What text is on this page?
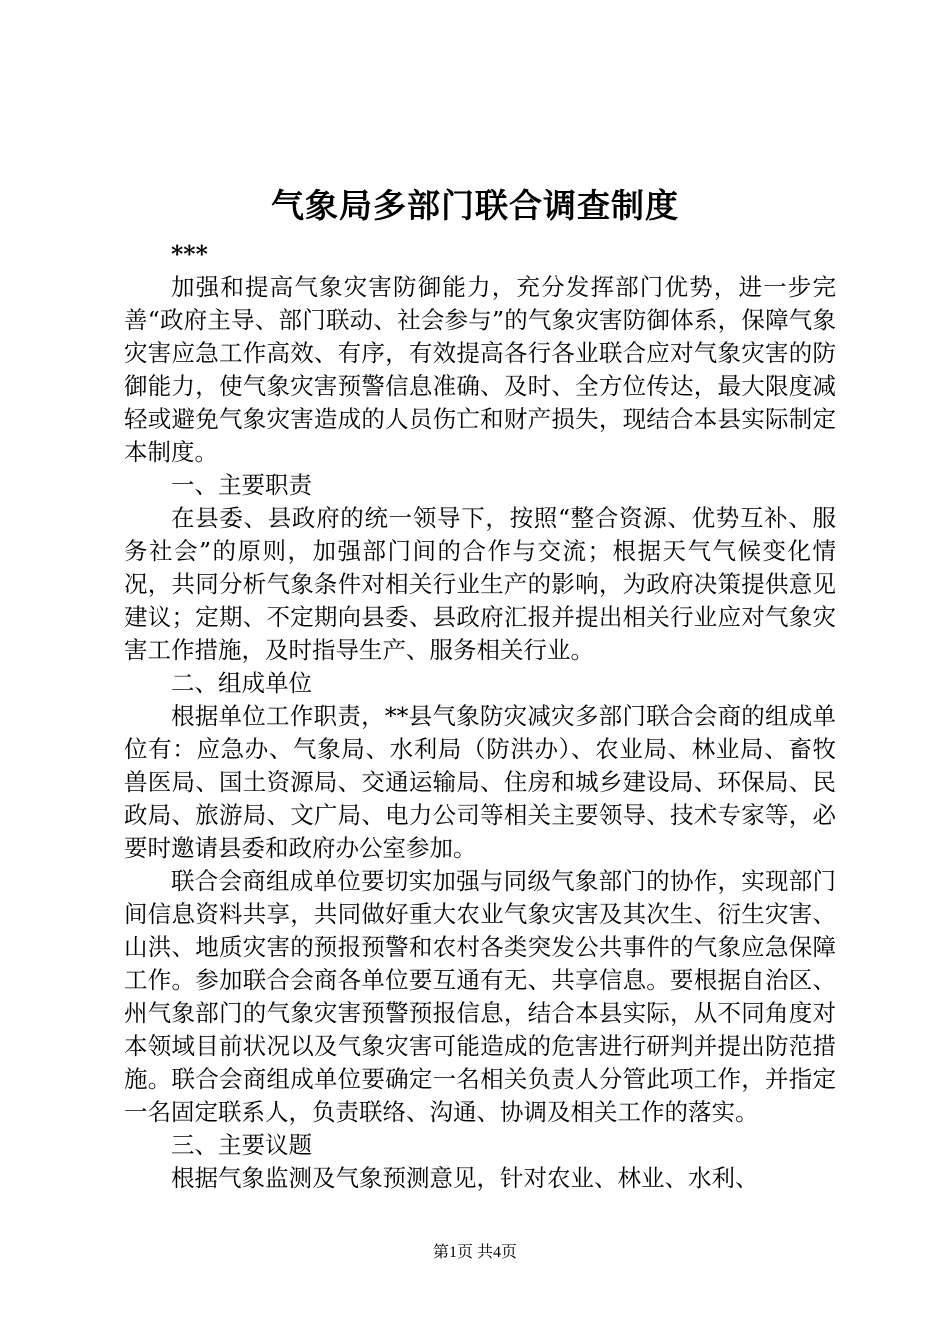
气象局多部门联合调查制度

***

加强和提高气象灾害防御能力，充分发挥部门优势，进一步完善“政府主导、部门联动、社会参与”的气象灾害防御体系，保障气象灾害应急工作高效、有序，有效提高各行各业联合应对气象灾害的防御能力，使气象灾害预警信息准确、及时、全方位传达，最大限度减轻或避免气象灾害造成的人员伤亡和财产损失，现结合本县实际制定本制度。

一、主要职责

在县委、县政府的统一领导下，按照“整合资源、优势互补、服务社会”的原则，加强部门间的合作与交流；根据天气气候变化情况，共同分析气象条件对相关行业生产的影响，为政府决策提供意见建议；定期、不定期向县委、县政府汇报并提出相关行业应对气象灾害工作措施，及时指导生产、服务相关行业。

二、组成单位

根据单位工作职责，**县气象防灾减灾多部门联合会商的组成单位有：应急办、气象局、水利局（防洪办）、农业局、林业局、畜牧兽医局、国土资源局、交通运输局、住房和城乡建设局、环保局、民政局、旅游局、文广局、电力公司等相关主要领导、技术专家等，必要时邀请县委和政府办公室参加。

联合会商组成单位要切实加强与同级气象部门的协作，实现部门间信息资料共享，共同做好重大农业气象灾害及其次生、衍生灾害、山洪、地质灾害的预报预警和农村各类突发公共事件的气象应急保障工作。参加联合会商各单位要互通有无、共享信息。要根据自治区、州气象部门的气象灾害预警预报信息，结合本县实际，从不同角度对本领域目前状况以及气象灾害可能造成的危害进行研判并提出防范措施。联合会商组成单位要确定一名相关负责人分管此项工作，并指定一名固定联系人，负责联络、沟通、协调及相关工作的落实。

三、主要议题

根据气象监测及气象预测意见，针对农业、林业、水利、

第1页 共4页
